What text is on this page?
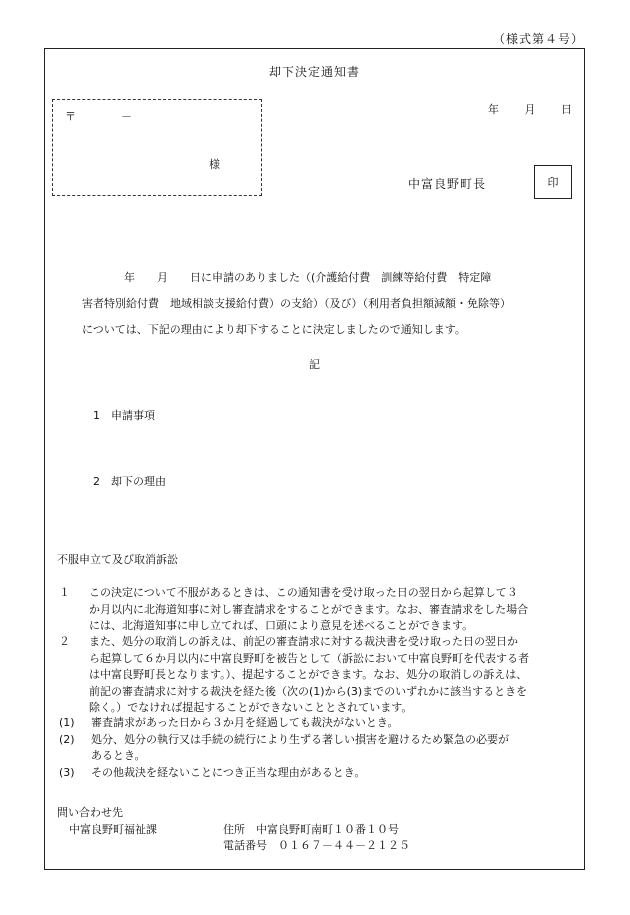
（様式第４号）
却下決定通知書
〒	－
様
年 月 日
中富良野町長	印
　　　　　年　　月　　日に申請のありました（(介護給付費　訓練等給付費　特定障
害者特別給付費　地域相談支援給付費）の支給）（及び）（利用者負担額減額・免除等）
については、下記の理由により却下することに決定しましたので通知します。
記
1　申請事項
2　却下の理由
不服申立て及び取消訴訟
１	この決定について不服があるときは、この通知書を受け取った日の翌日から起算して３
か月以内に北海道知事に対し審査請求をすることができます。なお、審査請求をした場合
には、北海道知事に申し立てれば、口頭により意見を述べることができます。
２	また、処分の取消しの訴えは、前記の審査請求に対する裁決書を受け取った日の翌日か
ら起算して６か月以内に中富良野町を被告として（訴訟において中富良野町を代表する者
は中富良野町長となります。）、提起することができます。なお、処分の取消しの訴えは、
前記の審査請求に対する裁決を経た後（次の(1)から(3)までのいずれかに該当するときを
除く。）でなければ提起することができないこととされています。
(1)	審査請求があった日から３か月を経過しても裁決がないとき。
(2)	処分、処分の執行又は手続の続行により生ずる著しい損害を避けるため緊急の必要が
あるとき。
(3)	その他裁決を経ないことにつき正当な理由があるとき。
問い合わせ先
中富良野町福祉課	住所　中富良野町南町１０番１０号
電話番号　０１６７－４４－２１２５
